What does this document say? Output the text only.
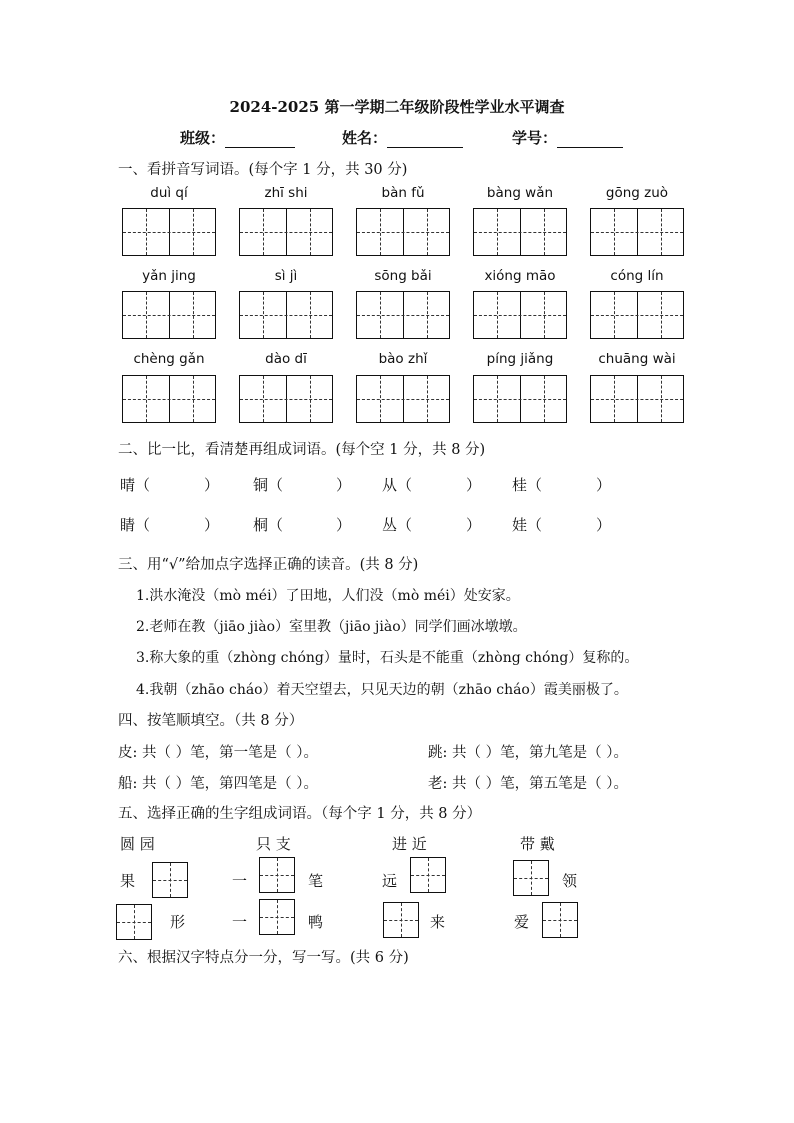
2024-2025 第一学期二年级阶段性学业水平调查
班级：	姓名：	学号：
一、看拼音写词语。(每个字 1 分，共 30 分)
duì qí	zhī shi	bàn fǔ	bàng wǎn	gōng zuò
yǎn jing	sì jì	sōng bǎi	xióng māo	cóng lín
chèng gǎn	dào dī	bào zhǐ	píng jiǎng	chuāng wài
二、比一比，看清楚再组成词语。(每个空 1 分，共 8 分)
晴（	） 铜（	） 从（	） 桂（	）
睛（	） 桐（	） 丛（	） 娃（	）
三、用“√”给加点字选择正确的读音。(共 8 分)
1.洪水淹没（mò méi）了田地，人们没（mò méi）处安家。
2.老师在教（jiāo jiào）室里教（jiāo jiào）同学们画冰墩墩。
3.称大象的重（zhòng chóng）量时，石头是不能重（zhòng chóng）复称的。
4.我朝（zhāo cháo）着天空望去，只见天边的朝（zhāo cháo）霞美丽极了。
四、按笔顺填空。（共 8 分）
皮: 共（ ）笔，第一笔是（ ）。	跳: 共（ ）笔，第九笔是（ ）。
船: 共（ ）笔，第四笔是（ ）。	老: 共（ ）笔，第五笔是（ ）。
五、选择正确的生字组成词语。（每个字 1 分，共 8 分）
圆 园	只 支	进 近	带 戴
果	一	笔	远	领
形	一	鸭	来	爱
六、根据汉字特点分一分，写一写。(共 6 分)
